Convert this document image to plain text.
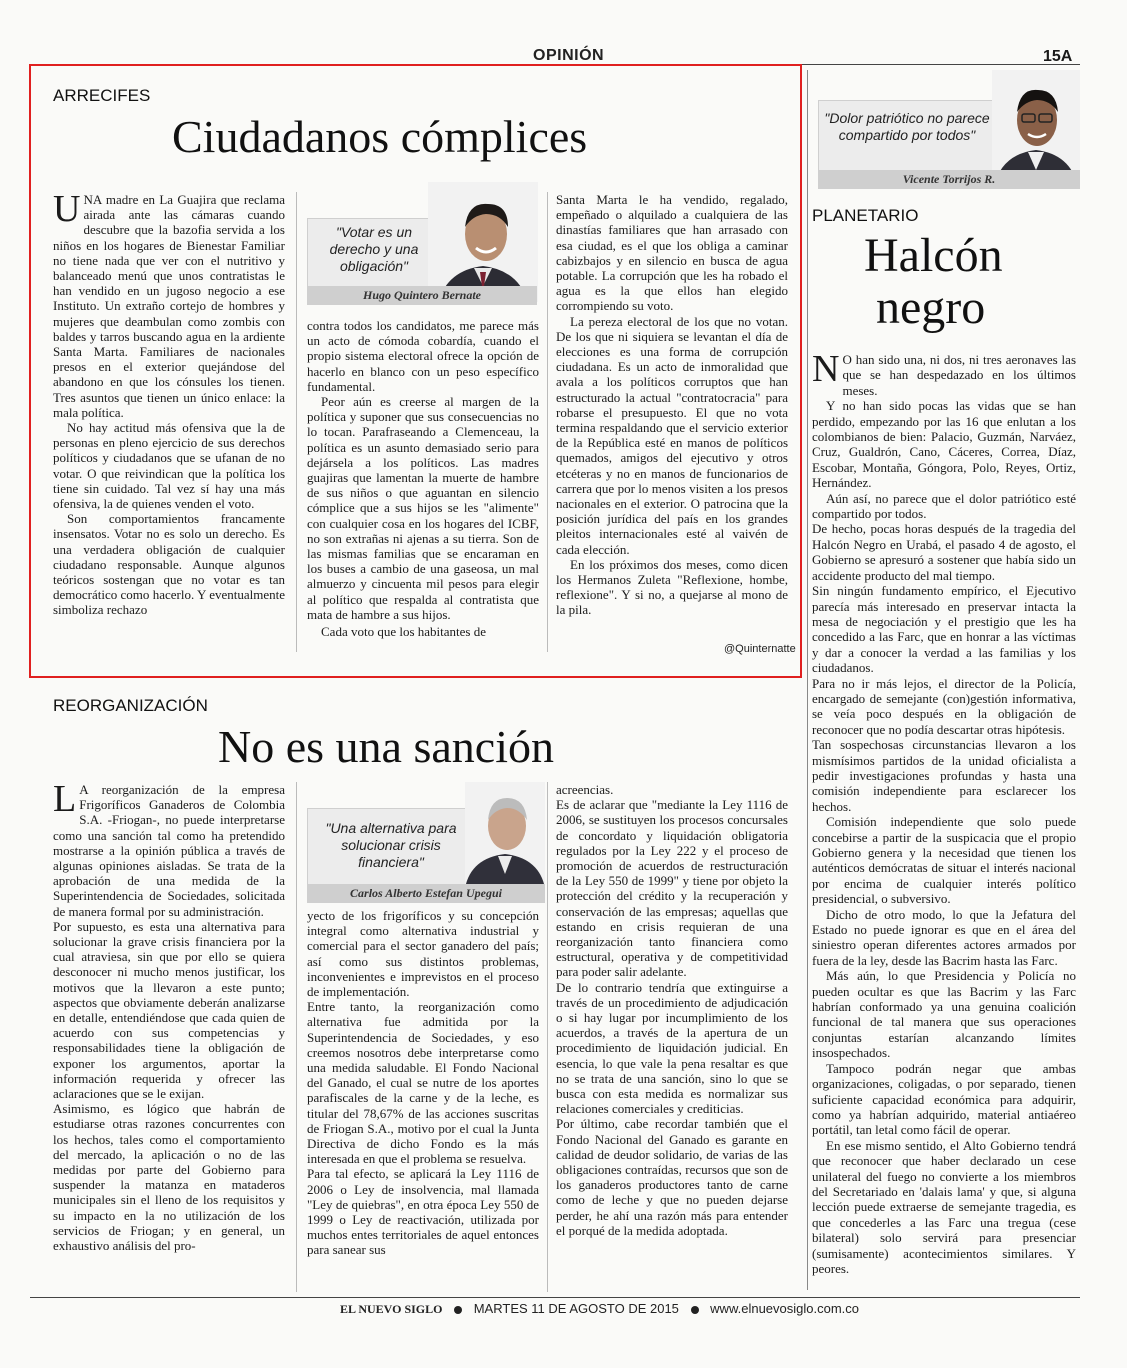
OPINIÓN	15A
ARRECIFES
Ciudadanos cómplices

UNA madre en La Guajira que reclama airada ante las cámaras cuando descubre que la bazofia servida a los niños en los hogares de Bienestar Familiar no tiene nada que ver con el nutritivo y balanceado menú que unos contratistas le han vendido en un jugoso negocio a ese Instituto. Un extraño cortejo de hombres y mujeres que deambulan como zombis con baldes y tarros buscando agua en la ardiente Santa Marta. Familiares de nacionales presos en el exterior quejándose del abandono en que los cónsules los tienen. Tres asuntos que tienen un único enlace: la mala política.

No hay actitud más ofensiva que la de personas en pleno ejercicio de sus derechos políticos y ciudadanos que se ufanan de no votar. O que reivindican que la política los tiene sin cuidado. Tal vez sí hay una más ofensiva, la de quienes venden el voto.

Son comportamientos francamente insensatos. Votar no es solo un derecho. Es una verdadera obligación de cualquier ciudadano responsable. Aunque algunos teóricos sostengan que no votar es tan democrático como hacerlo. Y eventualmente simboliza rechazo

"Votar es un derecho y una obligación"
Hugo Quintero Bernate

contra todos los candidatos, me parece más un acto de cómoda cobardía, cuando el propio sistema electoral ofrece la opción de hacerlo en blanco con un peso específico fundamental.

Peor aún es creerse al margen de la política y suponer que sus consecuencias no lo tocan. Parafraseando a Clemenceau, la política es un asunto demasiado serio para dejársela a los políticos. Las madres guajiras que lamentan la muerte de hambre de sus niños o que aguantan en silencio cómplice que a sus hijos se les "alimente" con cualquier cosa en los hogares del ICBF, no son extrañas ni ajenas a su tierra. Son de las mismas familias que se encaraman en los buses a cambio de una gaseosa, un mal almuerzo y cincuenta mil pesos para elegir al político que respalda al contratista que mata de hambre a sus hijos.

Cada voto que los habitantes de

Santa Marta le ha vendido, regalado, empeñado o alquilado a cualquiera de las dinastías familiares que han arrasado con esa ciudad, es el que los obliga a caminar cabizbajos y en silencio en busca de agua potable. La corrupción que les ha robado el agua es la que ellos han elegido corrompiendo su voto.

La pereza electoral de los que no votan. De los que ni siquiera se levantan el día de elecciones es una forma de corrupción ciudadana. Es un acto de inmoralidad que avala a los políticos corruptos que han estructurado la actual "contratocracia" para robarse el presupuesto. El que no vota termina respaldando que el servicio exterior de la República esté en manos de políticos quemados, amigos del ejecutivo y otros etcéteras y no en manos de funcionarios de carrera que por lo menos visiten a los presos nacionales en el exterior. O patrocina que la posición jurídica del país en los grandes pleitos internacionales esté al vaivén de cada elección.

En los próximos dos meses, como dicen los Hermanos Zuleta "Reflexione, hombe, reflexione". Y si no, a quejarse al mono de la pila.

@Quinternatte
"Dolor patriótico no parece compartido por todos"
Vicente Torrijos R.
PLANETARIO
Halcón
negro

N O han sido una, ni dos, ni tres aeronaves las que se han despedazado en los últimos meses.

Y no han sido pocas las vidas que se han perdido, empezando por las 16 que enlutan a los colombianos de bien: Palacio, Guzmán, Narváez, Cruz, Gualdrón, Cano, Cáceres, Correa, Díaz, Escobar, Montaña, Góngora, Polo, Reyes, Ortiz, Hernández.

Aún así, no parece que el dolor patriótico esté compartido por todos.

De hecho, pocas horas después de la tragedia del Halcón Negro en Urabá, el pasado 4 de agosto, el Gobierno se apresuró a sostener que había sido un accidente producto del mal tiempo.

Sin ningún fundamento empírico, el Ejecutivo parecía más interesado en preservar intacta la mesa de negociación y el prestigio que les ha concedido a las Farc, que en honrar a las víctimas y dar a conocer la verdad a las familias y los ciudadanos.

Para no ir más lejos, el director de la Policía, encargado de semejante (con)gestión informativa, se veía poco después en la obligación de reconocer que no podía descartar otras hipótesis.

Tan sospechosas circunstancias llevaron a los mismísimos partidos de la unidad oficialista a pedir investigaciones profundas y hasta una comisión independiente para esclarecer los hechos.

Comisión independiente que solo puede concebirse a partir de la suspicacia que el propio Gobierno genera y la necesidad que tienen los auténticos demócratas de situar el interés nacional por encima de cualquier interés político presidencial, o subversivo.

Dicho de otro modo, lo que la Jefatura del Estado no puede ignorar es que en el área del siniestro operan diferentes actores armados por fuera de la ley, desde las Bacrim hasta las Farc.

Más aún, lo que Presidencia y Policía no pueden ocultar es que las Bacrim y las Farc habrían conformado ya una genuina coalición funcional de tal manera que sus operaciones conjuntas estarían alcanzando límites insospechados.

Tampoco podrán negar que ambas organizaciones, coligadas, o por separado, tienen suficiente capacidad económica para adquirir, como ya habrían adquirido, material antiaéreo portátil, tan letal como fácil de operar.

En ese mismo sentido, el Alto Gobierno tendrá que reconocer que haber declarado un cese unilateral del fuego no convierte a los miembros del Secretariado en 'dalais lama' y que, si alguna lección puede extraerse de semejante tragedia, es que concederles a las Farc una tregua (cese bilateral) solo servirá para presenciar (sumisamente) acontecimientos similares. Y peores.

REORGANIZACIÓN
No es una sanción

L A reorganización de la empresa Frigoríficos Ganaderos de Colombia S.A. -Friogan-, no puede interpretarse como una sanción tal como ha pretendido mostrarse a la opinión pública a través de algunas opiniones aisladas. Se trata de la aprobación de una medida de la Superintendencia de Sociedades, solicitada de manera formal por su administración.

Por supuesto, es esta una alternativa para solucionar la grave crisis financiera por la cual atraviesa, sin que por ello se quiera desconocer ni mucho menos justificar, los motivos que la llevaron a este punto; aspectos que obviamente deberán analizarse en detalle, entendiéndose que cada quien de acuerdo con sus competencias y responsabilidades tiene la obligación de exponer los argumentos, aportar la información requerida y ofrecer las aclaraciones que se le exijan.

Asimismo, es lógico que habrán de estudiarse otras razones concurrentes con los hechos, tales como el comportamiento del mercado, la aplicación o no de las medidas por parte del Gobierno para suspender la matanza en mataderos municipales sin el lleno de los requisitos y su impacto en la no utilización de los servicios de Friogan; y en general, un exhaustivo análisis del pro-

"Una alternativa para solucionar crisis financiera"
Carlos Alberto Estefan Upegui

yecto de los frigoríficos y su concepción integral como alternativa industrial y comercial para el sector ganadero del país; así como sus distintos problemas, inconvenientes e imprevistos en el proceso de implementación.

Entre tanto, la reorganización como alternativa fue admitida por la Superintendencia de Sociedades, y eso creemos nosotros debe interpretarse como una medida saludable. El Fondo Nacional del Ganado, el cual se nutre de los aportes parafiscales de la carne y de la leche, es titular del 78,67% de las acciones suscritas de Friogan S.A., motivo por el cual la Junta Directiva de dicho Fondo es la más interesada en que el problema se resuelva.

Para tal efecto, se aplicará la Ley 1116 de 2006 o Ley de insolvencia, mal llamada "Ley de quiebras", en otra época Ley 550 de 1999 o Ley de reactivación, utilizada por muchos entes territoriales de aquel entonces para sanear sus

acreencias.

Es de aclarar que "mediante la Ley 1116 de 2006, se sustituyen los procesos concursales de concordato y liquidación obligatoria regulados por la Ley 222 y el proceso de promoción de acuerdos de restructuración de la Ley 550 de 1999" y tiene por objeto la protección del crédito y la recuperación y conservación de las empresas; aquellas que estando en crisis requieran de una reorganización tanto financiera como estructural, operativa y de competitividad para poder salir adelante.

De lo contrario tendría que extinguirse a través de un procedimiento de adjudicación o si hay lugar por incumplimiento de los acuerdos, a través de la apertura de un procedimiento de liquidación judicial. En esencia, lo que vale la pena resaltar es que no se trata de una sanción, sino lo que se busca con esta medida es normalizar sus relaciones comerciales y crediticias.

Por último, cabe recordar también que el Fondo Nacional del Ganado es garante en calidad de deudor solidario, de varias de las obligaciones contraídas, recursos que son de los ganaderos productores tanto de carne como de leche y que no pueden dejarse perder, he ahí una razón más para entender el porqué de la medida adoptada.

EL NUEVO SIGLO MARTES 11 DE AGOSTO DE 2015 www.elnuevosiglo.com.co
